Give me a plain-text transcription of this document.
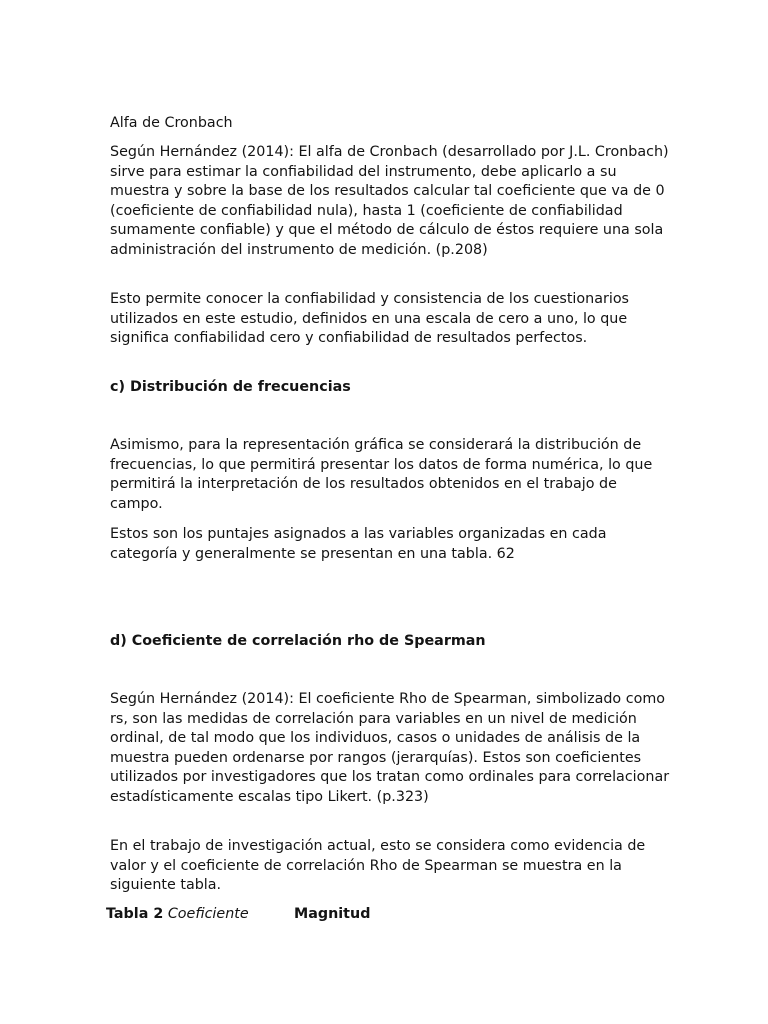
Alfa de Cronbach

Según Hernández (2014): El alfa de Cronbach (desarrollado por J.L. Cronbach) sirve para estimar la confiabilidad del instrumento, debe aplicarlo a su muestra y sobre la base de los resultados calcular tal coeficiente que va de 0 (coeficiente de confiabilidad nula), hasta 1 (coeficiente de confiabilidad sumamente confiable) y que el método de cálculo de éstos requiere una sola administración del instrumento de medición. (p.208)

Esto permite conocer la confiabilidad y consistencia de los cuestionarios utilizados en este estudio, definidos en una escala de cero a uno, lo que significa confiabilidad cero y confiabilidad de resultados perfectos.

c) Distribución de frecuencias

Asimismo, para la representación gráfica se considerará la distribución de frecuencias, lo que permitirá presentar los datos de forma numérica, lo que permitirá la interpretación de los resultados obtenidos en el trabajo de campo.

Estos son los puntajes asignados a las variables organizadas en cada categoría y generalmente se presentan en una tabla. 62

d) Coeficiente de correlación rho de Spearman

Según Hernández (2014): El coeficiente Rho de Spearman, simbolizado como rs, son las medidas de correlación para variables en un nivel de medición ordinal, de tal modo que los individuos, casos o unidades de análisis de la muestra pueden ordenarse por rangos (jerarquías). Estos son coeficientes utilizados por investigadores que los tratan como ordinales para correlacionar estadísticamente escalas tipo Likert. (p.323)

En el trabajo de investigación actual, esto se considera como evidencia de valor y el coeficiente de correlación Rho de Spearman se muestra en la siguiente tabla.

Tabla 2 Coeficiente	Magnitud
